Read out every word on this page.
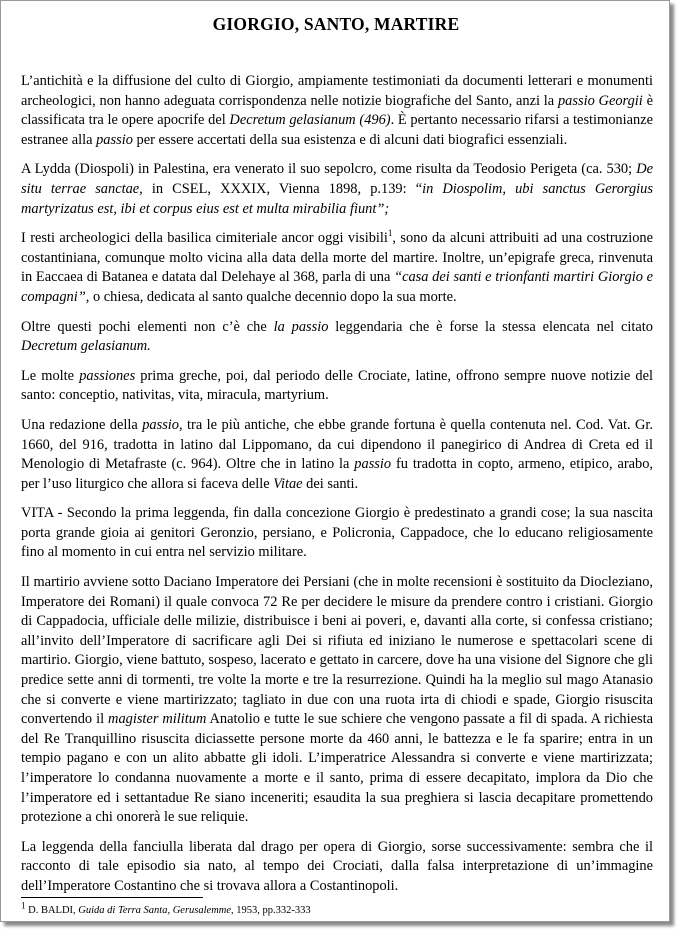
GIORGIO, SANTO, MARTIRE

L’antichità e la diffusione del culto di Giorgio, ampiamente testimoniati da documenti letterari e monumenti archeologici, non hanno adeguata corrispondenza nelle notizie biografiche del Santo, anzi la passio Georgii è classificata tra le opere apocrife del Decretum gelasianum (496). È pertanto necessario rifarsi a testimonianze estranee alla passio per essere accertati della sua esistenza e di alcuni dati biografici essenziali.

A Lydda (Diospoli) in Palestina, era venerato il suo sepolcro, come risulta da Teodosio Perigeta (ca. 530; De situ terrae sanctae, in CSEL, XXXIX, Vienna 1898, p.139: “in Diospolim, ubi sanctus Gerorgius martyrizatus est, ibi et corpus eius est et multa mirabilia fiunt”;

I resti archeologici della basilica cimiteriale ancor oggi visibili$^1$, sono da alcuni attribuiti ad una costruzione costantiniana, comunque molto vicina alla data della morte del martire. Inoltre, un’epigrafe greca, rinvenuta in Eaccaea di Batanea e datata dal Delehaye al 368, parla di una “casa dei santi e trionfanti martiri Giorgio e compagni”, o chiesa, dedicata al santo qualche decennio dopo la sua morte.

Oltre questi pochi elementi non c’è che la passio leggendaria che è forse la stessa elencata nel citato Decretum gelasianum.

Le molte passiones prima greche, poi, dal periodo delle Crociate, latine, offrono sempre nuove notizie del santo: conceptio, nativitas, vita, miracula, martyrium.

Una redazione della passio, tra le più antiche, che ebbe grande fortuna è quella contenuta nel. Cod. Vat. Gr. 1660, del 916, tradotta in latino dal Lippomano, da cui dipendono il panegirico di Andrea di Creta ed il Menologio di Metafraste (c. 964). Oltre che in latino la passio fu tradotta in copto, armeno, etipico, arabo, per l’uso liturgico che allora si faceva delle Vitae dei santi.

VITA - Secondo la prima leggenda, fin dalla concezione Giorgio è predestinato a grandi cose; la sua nascita porta grande gioia ai genitori Geronzio, persiano, e Policronia, Cappadoce, che lo educano religiosamente fino al momento in cui entra nel servizio militare.

Il martirio avviene sotto Daciano Imperatore dei Persiani (che in molte recensioni è sostituito da Diocleziano, Imperatore dei Romani) il quale convoca 72 Re per decidere le misure da prendere contro i cristiani. Giorgio di Cappadocia, ufficiale delle milizie, distribuisce i beni ai poveri, e, davanti alla corte, si confessa cristiano; all’invito dell’Imperatore di sacrificare agli Dei si rifiuta ed iniziano le numerose e spettacolari scene di martirio. Giorgio, viene battuto, sospeso, lacerato e gettato in carcere, dove ha una visione del Signore che gli predice sette anni di tormenti, tre volte la morte e tre la resurrezione. Quindi ha la meglio sul mago Atanasio che si converte e viene martirizzato; tagliato in due con una ruota irta di chiodi e spade, Giorgio risuscita convertendo il magister militum Anatolio e tutte le sue schiere che vengono passate a fil di spada. A richiesta del Re Tranquillino risuscita diciassette persone morte da 460 anni, le battezza e le fa sparire; entra in un tempio pagano e con un alito abbatte gli idoli. L’imperatrice Alessandra si converte e viene martirizzata; l’imperatore lo condanna nuovamente a morte e il santo, prima di essere decapitato, implora da Dio che l’imperatore ed i settantadue Re siano inceneriti; esaudita la sua preghiera si lascia decapitare promettendo protezione a chi onorerà le sue reliquie.

La leggenda della fanciulla liberata dal drago per opera di Giorgio, sorse successivamente: sembra che il racconto di tale episodio sia nato, al tempo dei Crociati, dalla falsa interpretazione di un’immagine dell’Imperatore Costantino che si trovava allora a Costantinopoli.

$^1$ D. BALDI, Guida di Terra Santa, Gerusalemme, 1953, pp.332-333
